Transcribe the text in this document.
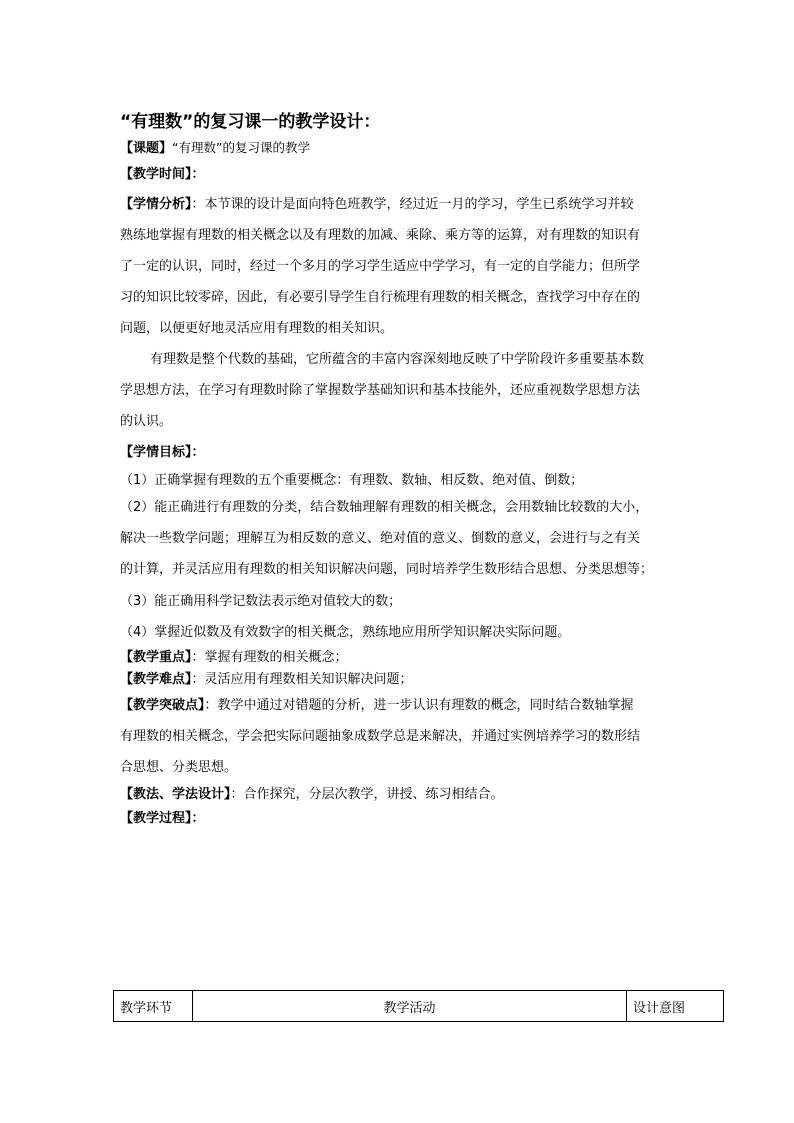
“有理数”的复习课一的教学设计：
【课题】“有理数”的复习课的教学
【教学时间】：
【学情分析】：本节课的设计是面向特色班教学，经过近一月的学习，学生已系统学习并较
熟练地掌握有理数的相关概念以及有理数的加减、乘除、乘方等的运算，对有理数的知识有
了一定的认识，同时，经过一个多月的学习学生适应中学学习，有一定的自学能力；但所学
习的知识比较零碎，因此，有必要引导学生自行梳理有理数的相关概念，查找学习中存在的
问题，以便更好地灵活应用有理数的相关知识。
有理数是整个代数的基础，它所蕴含的丰富内容深刻地反映了中学阶段许多重要基本数
学思想方法，在学习有理数时除了掌握数学基础知识和基本技能外，还应重视数学思想方法
的认识。
【学情目标】：
（1）正确掌握有理数的五个重要概念：有理数、数轴、相反数、绝对值、倒数；
（2）能正确进行有理数的分类，结合数轴理解有理数的相关概念，会用数轴比较数的大小，
解决一些数学问题；理解互为相反数的意义、绝对值的意义、倒数的意义，会进行与之有关
的计算，并灵活应用有理数的相关知识解决问题，同时培养学生数形结合思想、分类思想等；
（3）能正确用科学记数法表示绝对值较大的数；
（4）掌握近似数及有效数字的相关概念，熟练地应用所学知识解决实际问题。
【教学重点】：掌握有理数的相关概念；
【教学难点】：灵活应用有理数相关知识解决问题；
【教学突破点】：教学中通过对错题的分析，进一步认识有理数的概念，同时结合数轴掌握
有理数的相关概念，学会把实际问题抽象成数学总是来解决，并通过实例培养学习的数形结
合思想、分类思想。
【教法、学法设计】：合作探究，分层次教学，讲授、练习相结合。
【教学过程】：
教学环节	教学活动	设计意图
